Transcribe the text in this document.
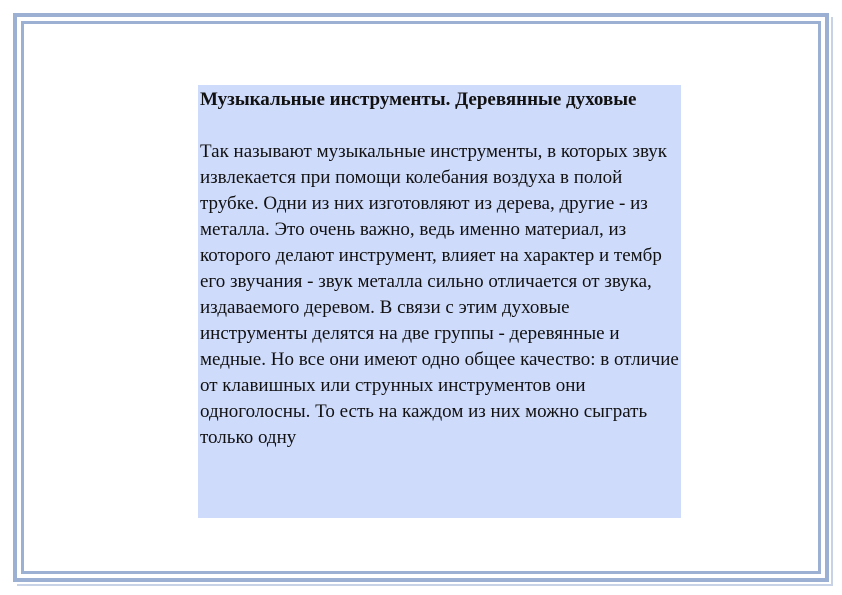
Музыкальные инструменты. Деревянные духовые

Так называют музыкальные инструменты, в которых звук извлекается при помощи колебания воздуха в полой трубке. Одни из них изготовляют из дерева, другие - из металла. Это очень важно, ведь именно материал, из которого делают инструмент, влияет на характер и тембр его звучания - звук металла сильно отличается от звука, издаваемого деревом. В связи с этим духовые инструменты делятся на две группы - деревянные и медные. Но все они имеют одно общее качество: в отличие от клавишных или струнных инструментов они одноголосны. То есть на каждом из них можно сыграть только одну
